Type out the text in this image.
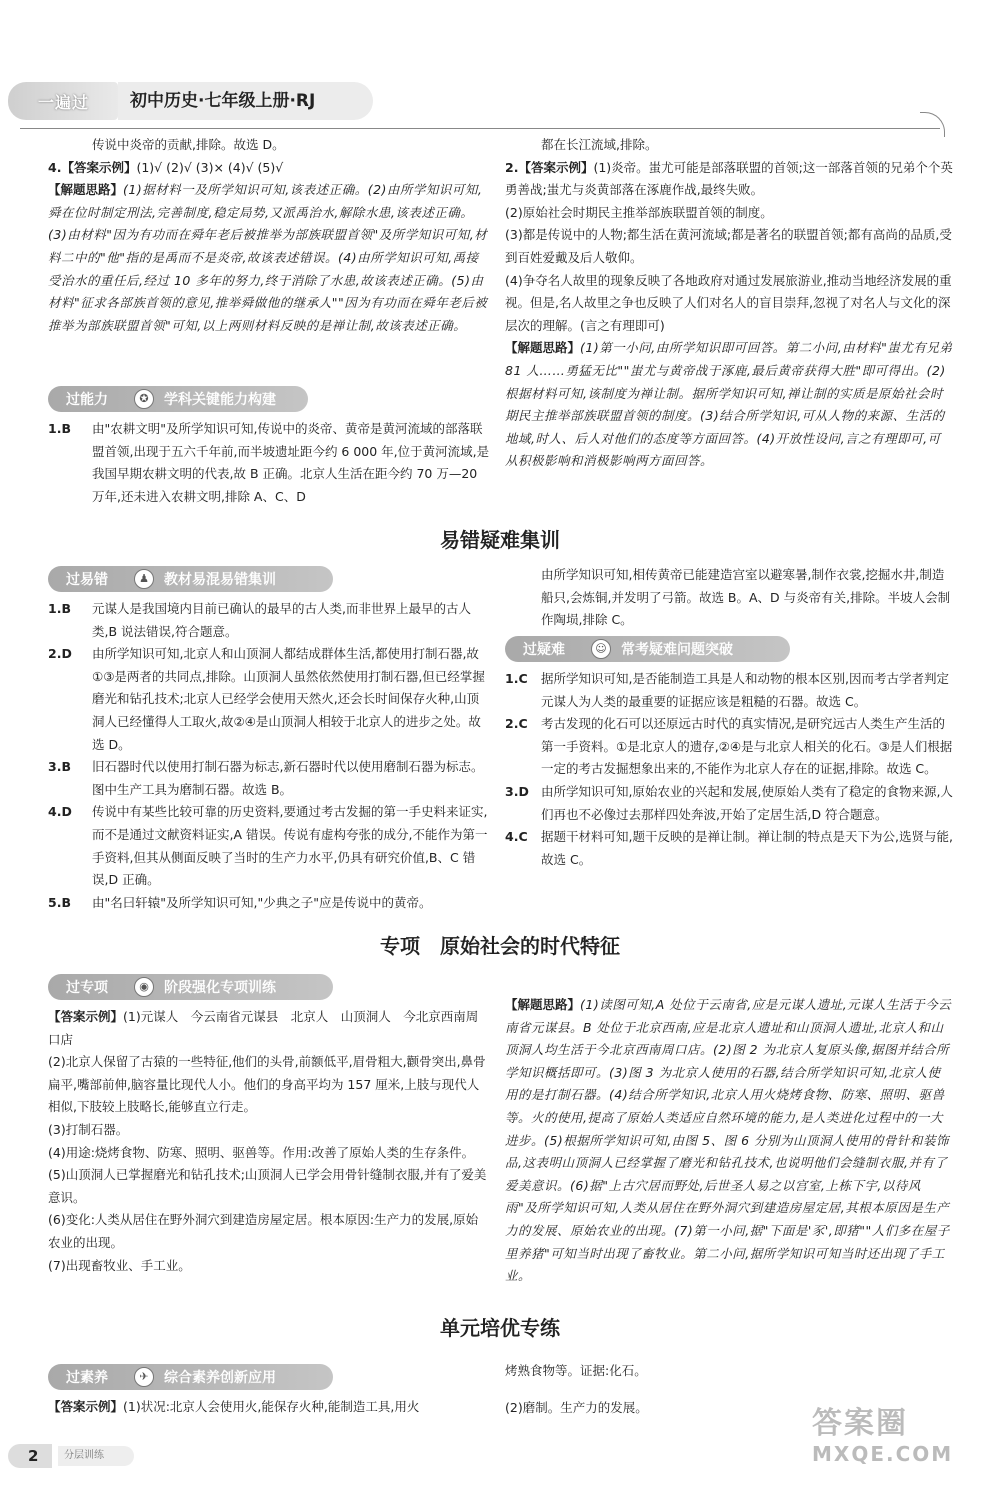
一遍过	初中历史·七年级上册·RJ

传说中炎帝的贡献,排除。故选 D。

4.【答案示例】(1)√ (2)√ (3)× (4)√ (5)√

【解题思路】(1)据材料一及所学知识可知,该表述正确。(2)由所学知识可知,舜在位时制定刑法,完善制度,稳定局势,又派禹治水,解除水患,该表述正确。(3)由材料"因为有功而在舜年老后被推举为部族联盟首领"及所学知识可知,材料二中的"他"指的是禹而不是炎帝,故该表述错误。(4)由所学知识可知,禹接受治水的重任后,经过 10 多年的努力,终于消除了水患,故该表述正确。(5)由材料"征求各部族首领的意见,推举舜做他的继承人""因为有功而在舜年老后被推举为部族联盟首领"可知,以上两则材料反映的是禅让制,故该表述正确。

过能力	✪	学科关键能力构建
1.B	由"农耕文明"及所学知识可知,传说中的炎帝、黄帝是黄河流域的部落联盟首领,出现于五六千年前,而半坡遗址距今约 6 000 年,位于黄河流域,是我国早期农耕文明的代表,故 B 正确。北京人生活在距今约 70 万—20 万年,还未进入农耕文明,排除 A、C、D

都在长江流域,排除。

2.【答案示例】(1)炎帝。蚩尤可能是部落联盟的首领;这一部落首领的兄弟个个英勇善战;蚩尤与炎黄部落在涿鹿作战,最终失败。

(2)原始社会时期民主推举部族联盟首领的制度。

(3)都是传说中的人物;都生活在黄河流域;都是著名的联盟首领;都有高尚的品质,受到百姓爱戴及后人敬仰。

(4)争夺名人故里的现象反映了各地政府对通过发展旅游业,推动当地经济发展的重视。但是,名人故里之争也反映了人们对名人的盲目崇拜,忽视了对名人与文化的深层次的理解。(言之有理即可)

【解题思路】(1)第一小问,由所学知识即可回答。第二小问,由材料"蚩尤有兄弟 81 人……勇猛无比""蚩尤与黄帝战于涿鹿,最后黄帝获得大胜"即可得出。(2)根据材料可知,该制度为禅让制。据所学知识可知,禅让制的实质是原始社会时期民主推举部族联盟首领的制度。(3)结合所学知识,可从人物的来源、生活的地域,时人、后人对他们的态度等方面回答。(4)开放性设问,言之有理即可,可从积极影响和消极影响两方面回答。

易错疑难集训
过易错	♟	教材易混易错集训
1.B	元谋人是我国境内目前已确认的最早的古人类,而非世界上最早的古人类,B 说法错误,符合题意。
2.D	由所学知识可知,北京人和山顶洞人都结成群体生活,都使用打制石器,故①③是两者的共同点,排除。山顶洞人虽然依然使用打制石器,但已经掌握磨光和钻孔技术;北京人已经学会使用天然火,还会长时间保存火种,山顶洞人已经懂得人工取火,故②④是山顶洞人相较于北京人的进步之处。故选 D。
3.B	旧石器时代以使用打制石器为标志,新石器时代以使用磨制石器为标志。图中生产工具为磨制石器。故选 B。
4.D	传说中有某些比较可靠的历史资料,要通过考古发掘的第一手史料来证实,而不是通过文献资料证实,A 错误。传说有虚构夸张的成分,不能作为第一手资料,但其从侧面反映了当时的生产力水平,仍具有研究价值,B、C 错误,D 正确。
5.B	由"名曰轩辕"及所学知识可知,"少典之子"应是传说中的黄帝。
由所学知识可知,相传黄帝已能建造宫室以避寒暑,制作衣裳,挖掘水井,制造船只,会炼铜,并发明了弓箭。故选 B。A、D 与炎帝有关,排除。半坡人会制作陶埙,排除 C。
过疑难	☺	常考疑难问题突破
1.C	据所学知识可知,是否能制造工具是人和动物的根本区别,因而考古学者判定元谋人为人类的最重要的证据应该是粗糙的石器。故选 C。
2.C	考古发现的化石可以还原远古时代的真实情况,是研究远古人类生产生活的第一手资料。①是北京人的遗存,②④是与北京人相关的化石。③是人们根据一定的考古发掘想象出来的,不能作为北京人存在的证据,排除。故选 C。
3.D 由所学知识可知,原始农业的兴起和发展,使原始人类有了稳定的食物来源,人们再也不必像过去那样四处奔波,开始了定居生活,D 符合题意。
4.C	据题干材料可知,题干反映的是禅让制。禅让制的特点是天下为公,选贤与能,故选 C。
专项　原始社会的时代特征
过专项	◉	阶段强化专项训练

【答案示例】(1)元谋人　今云南省元谋县　北京人　山顶洞人　今北京西南周口店

(2)北京人保留了古猿的一些特征,他们的头骨,前额低平,眉骨粗大,颧骨突出,鼻骨扁平,嘴部前伸,脑容量比现代人小。他们的身高平均为 157 厘米,上肢与现代人相似,下肢较上肢略长,能够直立行走。

(3)打制石器。

(4)用途:烧烤食物、防寒、照明、驱兽等。作用:改善了原始人类的生存条件。

(5)山顶洞人已掌握磨光和钻孔技术;山顶洞人已学会用骨针缝制衣服,并有了爱美意识。

(6)变化:人类从居住在野外洞穴到建造房屋定居。根本原因:生产力的发展,原始农业的出现。

(7)出现畜牧业、手工业。

【解题思路】(1)读图可知,A 处位于云南省,应是元谋人遗址,元谋人生活于今云南省元谋县。B 处位于北京西南,应是北京人遗址和山顶洞人遗址,北京人和山顶洞人均生活于今北京西南周口店。(2)图 2 为北京人复原头像,据图并结合所学知识概括即可。(3)图 3 为北京人使用的石器,结合所学知识可知,北京人使用的是打制石器。(4)结合所学知识,北京人用火烧烤食物、防寒、照明、驱兽等。火的使用,提高了原始人类适应自然环境的能力,是人类进化过程中的一大进步。(5)根据所学知识可知,由图 5、图 6 分别为山顶洞人使用的骨针和装饰品,这表明山顶洞人已经掌握了磨光和钻孔技术,也说明他们会缝制衣服,并有了爱美意识。(6)据"上古穴居而野处,后世圣人易之以宫室,上栋下宇,以待风雨"及所学知识可知,人类从居住在野外洞穴到建造房屋定居,其根本原因是生产力的发展、原始农业的出现。(7)第一小问,据"下面是'豕',即猪""人们多在屋子里养猪"可知当时出现了畜牧业。第二小问,据所学知识可知当时还出现了手工业。

单元培优专练
过素养	✈	综合素养创新应用

【答案示例】(1)状况:北京人会使用火,能保存火种,能制造工具,用火

烤熟食物等。证据:化石。

(2)磨制。生产力的发展。

2	分层训练
答案圈
MXQE.COM
